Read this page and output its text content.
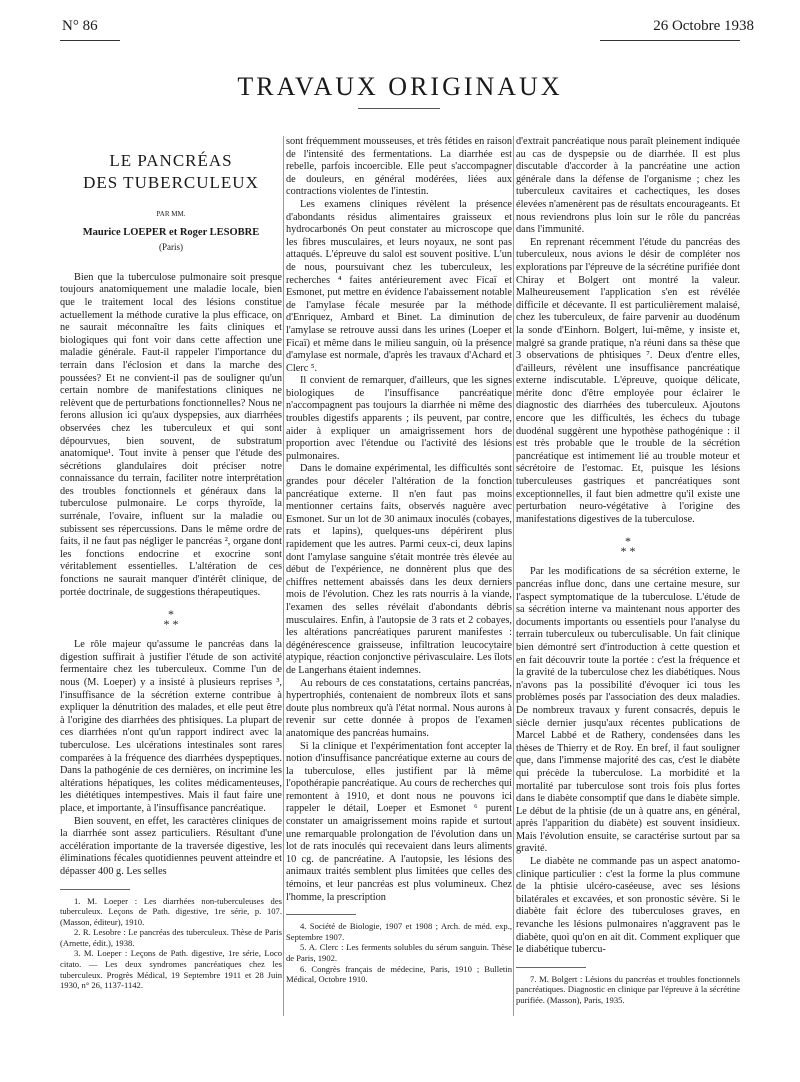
N° 86	26 Octobre 1938
TRAVAUX ORIGINAUX
LE PANCRÉAS
DES TUBERCULEUX
PAR MM.
Maurice LOEPER et Roger LESOBRE
(Paris)

Bien que la tuberculose pulmonaire soit presque toujours anatomiquement une maladie locale, bien que le traitement local des lésions constitue actuellement la méthode curative la plus efficace, on ne saurait méconnaître les faits cliniques et biologiques qui font voir dans cette affection une maladie générale. Faut-il rappeler l'importance du terrain dans l'éclosion et dans la marche des poussées? Et ne convient-il pas de souligner qu'un certain nombre de manifestations cliniques ne relèvent que de perturbations fonctionnelles? Nous ne ferons allusion ici qu'aux dyspepsies, aux diarrhées observées chez les tuberculeux et qui sont dépourvues, bien souvent, de substratum anatomique¹. Tout invite à penser que l'étude des sécrétions glandulaires doit préciser notre connaissance du terrain, faciliter notre interprétation des troubles fonctionnels et généraux dans la tuberculose pulmonaire. Le corps thyroïde, la surrénale, l'ovaire, influent sur la maladie ou subissent ses répercussions. Dans le même ordre de faits, il ne faut pas négliger le pancréas ², organe dont les fonctions endocrine et exocrine sont véritablement essentielles. L'altération de ces fonctions ne saurait manquer d'intérêt clinique, de portée doctrinale, de suggestions thérapeutiques.

*
* *

Le rôle majeur qu'assume le pancréas dans la digestion suffirait à justifier l'étude de son activité fermentaire chez les tuberculeux. Comme l'un de nous (M. Loeper) y a insisté à plusieurs reprises ³, l'insuffisance de la sécrétion externe contribue à expliquer la dénutrition des malades, et elle peut être à l'origine des diarrhées des phtisiques. La plupart de ces diarrhées n'ont qu'un rapport indirect avec la tuberculose. Les ulcérations intestinales sont rares comparées à la fréquence des diarrhées dyspeptiques. Dans la pathogénie de ces dernières, on incrimine les altérations hépatiques, les colites médicamenteuses, les diététiques intempestives. Mais il faut faire une place, et importante, à l'insuffisance pancréatique.

Bien souvent, en effet, les caractères cliniques de la diarrhée sont assez particuliers. Résultant d'une accélération importante de la traversée digestive, les éliminations fécales quotidiennes peuvent atteindre et dépasser 400 g. Les selles

1. M. Loeper : Les diarrhées non-tuberculeuses des tuberculeux. Leçons de Path. digestive, 1re série, p. 107. (Masson, éditeur), 1910.

2. R. Lesobre : Le pancréas des tuberculeux. Thèse de Paris (Arnette, édit.), 1938.

3. M. Loeper : Leçons de Path. digestive, 1re série, Loco citato. — Les deux syndromes pancréatiques chez les tuberculeux. Progrès Médical, 19 Septembre 1911 et 28 Juin 1930, n° 26, 1137-1142.

sont fréquemment mousseuses, et très fétides en raison de l'intensité des fermentations. La diarrhée est rebelle, parfois incoercible. Elle peut s'accompagner de douleurs, en général modérées, liées aux contractions violentes de l'intestin.

Les examens cliniques révèlent la présence d'abondants résidus alimentaires graisseux et hydrocarbonés On peut constater au microscope que les fibres musculaires, et leurs noyaux, ne sont pas attaqués. L'épreuve du salol est souvent positive. L'un de nous, poursuivant chez les tuberculeux, les recherches ⁴ faites antérieurement avec Ficaï et Esmonet, put mettre en évidence l'abaissement notable de l'amylase fécale mesurée par la méthode d'Enriquez, Ambard et Binet. La diminution de l'amylase se retrouve aussi dans les urines (Loeper et Ficaï) et même dans le milieu sanguin, où la présence d'amylase est normale, d'après les travaux d'Achard et Clerc ⁵.

Il convient de remarquer, d'ailleurs, que les signes biologiques de l'insuffisance pancréatique n'accompagnent pas toujours la diarrhée ni même des troubles digestifs apparents ; ils peuvent, par contre, aider à expliquer un amaigrissement hors de proportion avec l'étendue ou l'activité des lésions pulmonaires.

Dans le domaine expérimental, les difficultés sont grandes pour déceler l'altération de la fonction pancréatique externe. Il n'en faut pas moins mentionner certains faits, observés naguère avec Esmonet. Sur un lot de 30 animaux inoculés (cobayes, rats et lapins), quelques-uns dépérirent plus rapidement que les autres. Parmi ceux-ci, deux lapins dont l'amylase sanguine s'était montrée très élevée au début de l'expérience, ne donnèrent plus que des chiffres nettement abaissés dans les deux derniers mois de l'évolution. Chez les rats nourris à la viande, l'examen des selles révélait d'abondants débris musculaires. Enfin, à l'autopsie de 3 rats et 2 cobayes, les altérations pancréatiques parurent manifestes : dégénérescence graisseuse, infiltration leucocytaire atypique, réaction conjonctive périvasculaire. Les îlots de Langerhans étaient indemnes.

Au rebours de ces constatations, certains pancréas, hypertrophiés, contenaient de nombreux îlots et sans doute plus nombreux qu'à l'état normal. Nous aurons à revenir sur cette donnée à propos de l'examen anatomique des pancréas humains.

Si la clinique et l'expérimentation font accepter la notion d'insuffisance pancréatique externe au cours de la tuberculose, elles justifient par là même l'opothérapie pancréatique. Au cours de recherches qui remontent à 1910, et dont nous ne pouvons ici rappeler le détail, Loeper et Esmonet ⁶ purent constater un amaigrissement moins rapide et surtout une remarquable prolongation de l'évolution dans un lot de rats inoculés qui recevaient dans leurs aliments 10 cg. de pancréatine. A l'autopsie, les lésions des animaux traités semblent plus limitées que celles des témoins, et leur pancréas est plus volumineux. Chez l'homme, la prescription

4. Société de Biologie, 1907 et 1908 ; Arch. de méd. exp., Septembre 1907.

5. A. Clerc : Les ferments solubles du sérum sanguin. Thèse de Paris, 1902.

6. Congrès français de médecine, Paris, 1910 ; Bulletin Médical, Octobre 1910.

d'extrait pancréatique nous paraît pleinement indiquée au cas de dyspepsie ou de diarrhée. Il est plus discutable d'accorder à la pancréatine une action générale dans la défense de l'organisme ; chez les tuberculeux cavitaires et cachectiques, les doses élevées n'amenèrent pas de résultats encourageants. Et nous reviendrons plus loin sur le rôle du pancréas dans l'immunité.

En reprenant récemment l'étude du pancréas des tuberculeux, nous avions le désir de compléter nos explorations par l'épreuve de la sécrétine purifiée dont Chiray et Bolgert ont montré la valeur. Malheureusement l'application s'en est révélée difficile et décevante. Il est particulièrement malaisé, chez les tuberculeux, de faire parvenir au duodénum la sonde d'Einhorn. Bolgert, lui-même, y insiste et, malgré sa grande pratique, n'a réuni dans sa thèse que 3 observations de phtisiques ⁷. Deux d'entre elles, d'ailleurs, révèlent une insuffisance pancréatique externe indiscutable. L'épreuve, quoique délicate, mérite donc d'être employée pour éclairer le diagnostic des diarrhées des tuberculeux. Ajoutons encore que les difficultés, les échecs du tubage duodénal suggèrent une hypothèse pathogénique : il est très probable que le trouble de la sécrétion pancréatique est intimement lié au trouble moteur et sécrétoire de l'estomac. Et, puisque les lésions tuberculeuses gastriques et pancréatiques sont exceptionnelles, il faut bien admettre qu'il existe une perturbation neuro-végétative à l'origine des manifestations digestives de la tuberculose.

*
* *

Par les modifications de sa sécrétion externe, le pancréas influe donc, dans une certaine mesure, sur l'aspect symptomatique de la tuberculose. L'étude de sa sécrétion interne va maintenant nous apporter des documents importants ou essentiels pour l'analyse du terrain tuberculeux ou tuberculisable. Un fait clinique bien démontré sert d'introduction à cette question et en fait découvrir toute la portée : c'est la fréquence et la gravité de la tuberculose chez les diabétiques. Nous n'avons pas la possibilité d'évoquer ici tous les problèmes posés par l'association des deux maladies. De nombreux travaux y furent consacrés, depuis le siècle dernier jusqu'aux récentes publications de Marcel Labbé et de Rathery, condensées dans les thèses de Thierry et de Roy. En bref, il faut souligner que, dans l'immense majorité des cas, c'est le diabète qui précède la tuberculose. La morbidité et la mortalité par tuberculose sont trois fois plus fortes dans le diabète consomptif que dans le diabète simple. Le début de la phtisie (de un à quatre ans, en général, après l'apparition du diabète) est souvent insidieux. Mais l'évolution ensuite, se caractérise surtout par sa gravité.

Le diabète ne commande pas un aspect anatomo-clinique particulier : c'est la forme la plus commune de la phtisie ulcéro-caséeuse, avec ses lésions bilatérales et excavées, et son pronostic sévère. Si le diabète fait éclore des tuberculoses graves, en revanche les lésions pulmonaires n'aggravent pas le diabète, quoi qu'on en ait dit. Comment expliquer que le diabétique tubercu-

7. M. Bolgert : Lésions du pancréas et troubles fonctionnels pancréatiques. Diagnostic en clinique par l'épreuve à la sécrétine purifiée. (Masson), Paris, 1935.
